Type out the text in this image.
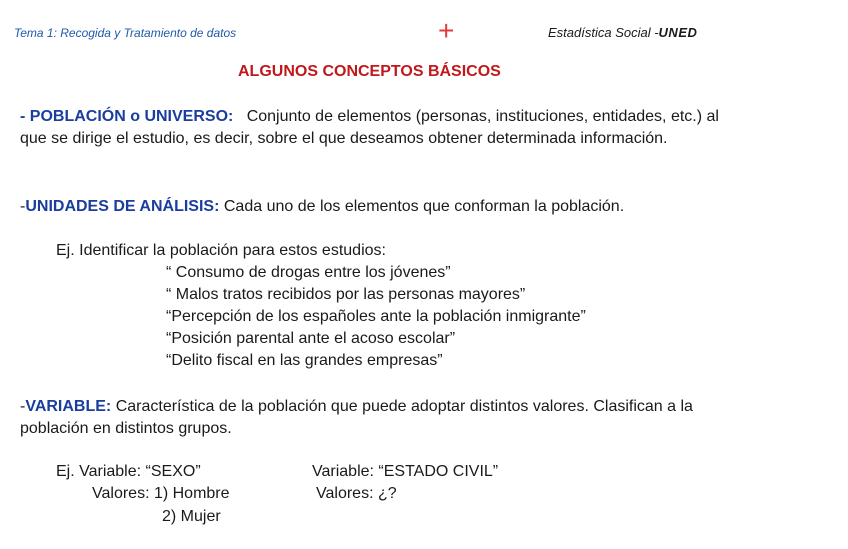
Tema 1: Recogida y Tratamiento de datos	+	Estadística Social -UNED
ALGUNOS CONCEPTOS BÁSICOS
- POBLACIÓN o UNIVERSO: Conjunto de elementos (personas, instituciones, entidades, etc.) al que se dirige el estudio, es decir, sobre el que deseamos obtener determinada información.
-UNIDADES DE ANÁLISIS: Cada uno de los elementos que conforman la población.
Ej. Identificar la población para estos estudios:
“ Consumo de drogas entre los jóvenes”
“ Malos tratos recibidos por las personas mayores”
“Percepción de los españoles ante la población inmigrante”
“Posición parental ante el acoso escolar”
“Delito fiscal en las grandes empresas”
-VARIABLE: Característica de la población que puede adoptar distintos valores. Clasifican a la población en distintos grupos.
Ej. Variable: “SEXO”	Variable: “ESTADO CIVIL”
Valores: 1) Hombre
2) Mujer
Valores: ¿?
